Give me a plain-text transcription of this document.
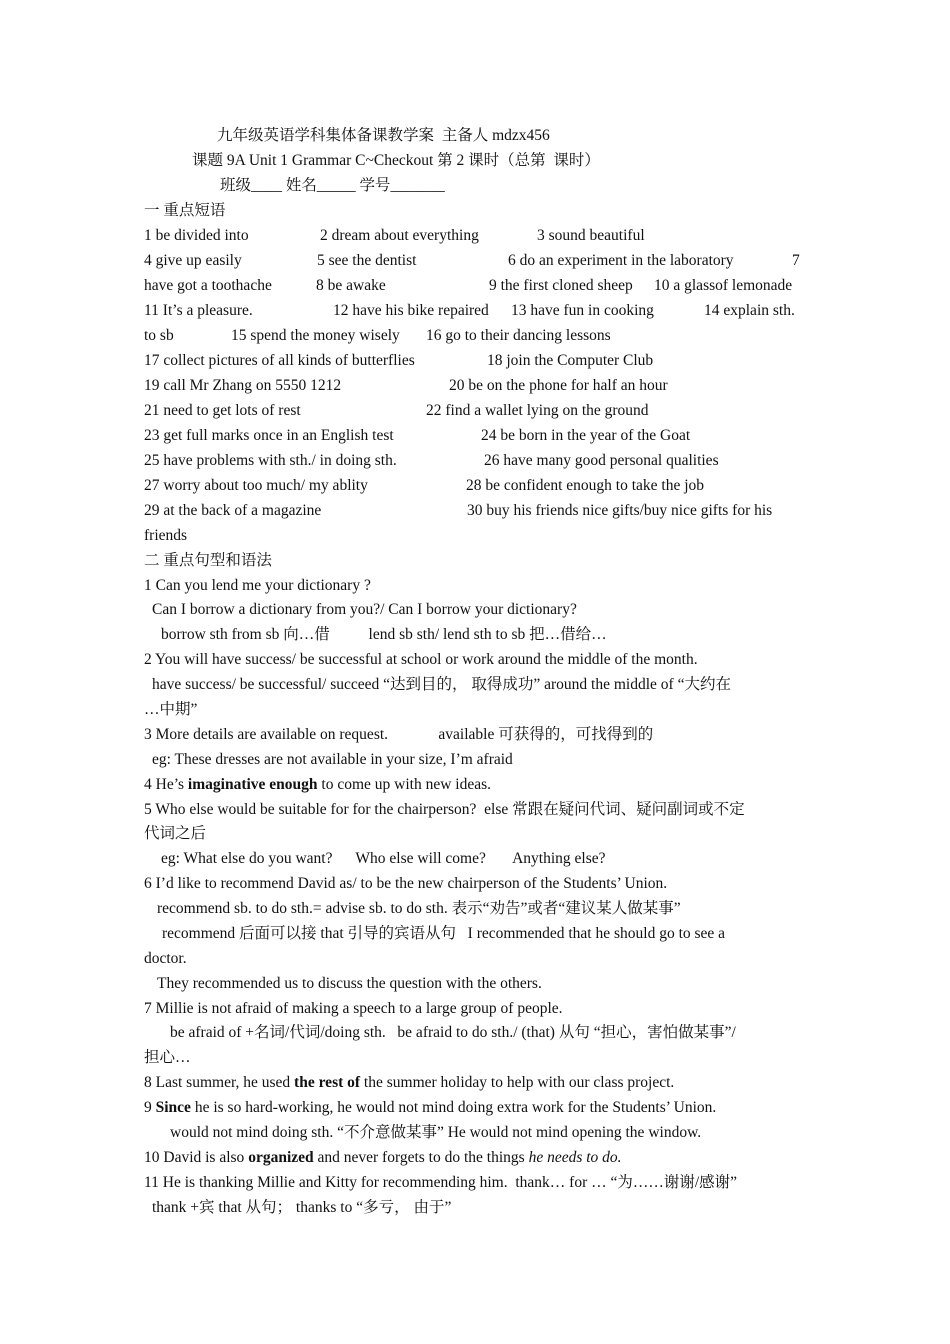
九年级英语学科集体备课教学案  主备人 mdzx456
课题 9A Unit 1 Grammar C~Checkout 第 2 课时（总第  课时）
班级____ 姓名_____ 学号_______
一 重点短语
1 be divided into	2 dream about everything	3 sound beautiful
4 give up easily	5 see the dentist	6 do an experiment in the laboratory	7
have got a toothache	8 be awake	9 the first cloned sheep 10 a glassof lemonade
11 It’s a pleasure.	12 have his bike repaired 13 have fun in cooking	14 explain sth.
to sb	15 spend the money wisely 16 go to their dancing lessons
17 collect pictures of all kinds of butterflies	18 join the Computer Club
19 call Mr Zhang on 5550 1212	20 be on the phone for half an hour
21 need to get lots of rest	22 find a wallet lying on the ground
23 get full marks once in an English test	24 be born in the year of the Goat
25 have problems with sth./ in doing sth.	26 have many good personal qualities
27 worry about too much/ my ablity	28 be confident enough to take the job
29 at the back of a magazine	30 buy his friends nice gifts/buy nice gifts for his
friends
二 重点句型和语法
1 Can you lend me your dictionary ?
Can I borrow a dictionary from you?/ Can I borrow your dictionary?
borrow sth from sb 向…借          lend sb sth/ lend sth to sb 把…借给…
2 You will have success/ be successful at school or work around the middle of the month.
have success/ be successful/ succeed “达到目的， 取得成功” around the middle of “大约在
…中期”
3 More details are available on request.             available 可获得的，可找得到的
eg: These dresses are not available in your size, I’m afraid
4 He’s imaginative enough to come up with new ideas.
5 Who else would be suitable for for the chairperson?  else 常跟在疑问代词、疑问副词或不定
代词之后
eg: What else do you want?      Who else will come?       Anything else?
6 I’d like to recommend David as/ to be the new chairperson of the Students’ Union.
recommend sb. to do sth.= advise sb. to do sth. 表示“劝告”或者“建议某人做某事”
recommend 后面可以接 that 引导的宾语从句   I recommended that he should go to see a
doctor.
They recommended us to discuss the question with the others.
7 Millie is not afraid of making a speech to a large group of people.
be afraid of +名词/代词/doing sth.   be afraid to do sth./ (that) 从句 “担心，害怕做某事”/
担心…
8 Last summer, he used the rest of the summer holiday to help with our class project.
9 Since he is so hard-working, he would not mind doing extra work for the Students’ Union.
would not mind doing sth. “不介意做某事” He would not mind opening the window.
10 David is also organized and never forgets to do the things he needs to do.
11 He is thanking Millie and Kitty for recommending him.  thank… for … “为……谢谢/感谢”
thank +宾 that 从句； thanks to “多亏， 由于”
